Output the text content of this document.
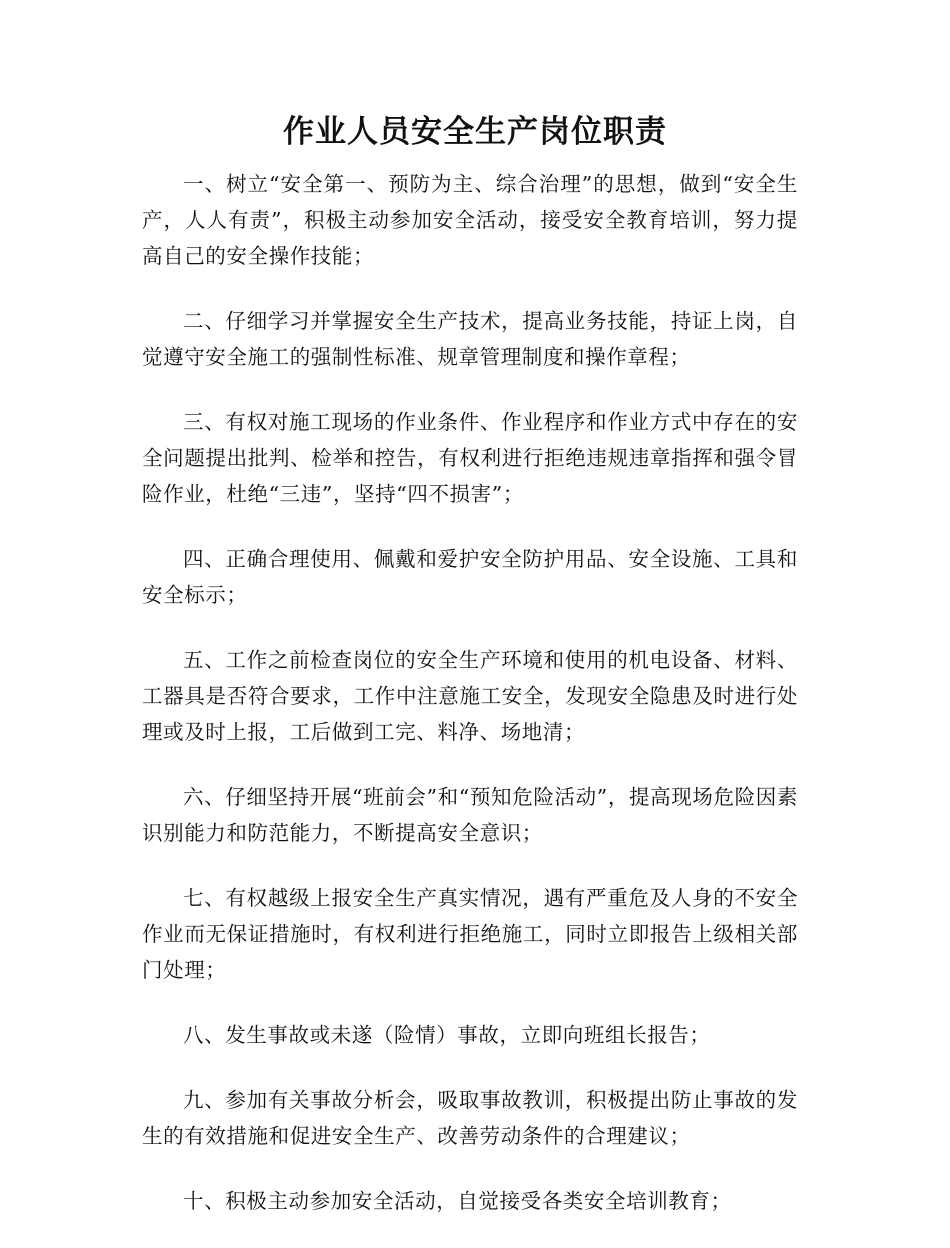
作业人员安全生产岗位职责

一、树立“安全第一、预防为主、综合治理”的思想，做到“安全生产，人人有责”，积极主动参加安全活动，接受安全教育培训，努力提高自己的安全操作技能；

二、仔细学习并掌握安全生产技术，提高业务技能，持证上岗，自觉遵守安全施工的强制性标准、规章管理制度和操作章程；

三、有权对施工现场的作业条件、作业程序和作业方式中存在的安全问题提出批判、检举和控告，有权利进行拒绝违规违章指挥和强令冒险作业，杜绝“三违”，坚持“四不损害”；

四、正确合理使用、佩戴和爱护安全防护用品、安全设施、工具和安全标示；

五、工作之前检查岗位的安全生产环境和使用的机电设备、材料、工器具是否符合要求，工作中注意施工安全，发现安全隐患及时进行处理或及时上报，工后做到工完、料净、场地清；

六、仔细坚持开展“班前会”和“预知危险活动”，提高现场危险因素识别能力和防范能力，不断提高安全意识；

七、有权越级上报安全生产真实情况，遇有严重危及人身的不安全作业而无保证措施时，有权利进行拒绝施工，同时立即报告上级相关部门处理；

八、发生事故或未遂（险情）事故，立即向班组长报告；

九、参加有关事故分析会，吸取事故教训，积极提出防止事故的发生的有效措施和促进安全生产、改善劳动条件的合理建议；

十、积极主动参加安全活动，自觉接受各类安全培训教育；
